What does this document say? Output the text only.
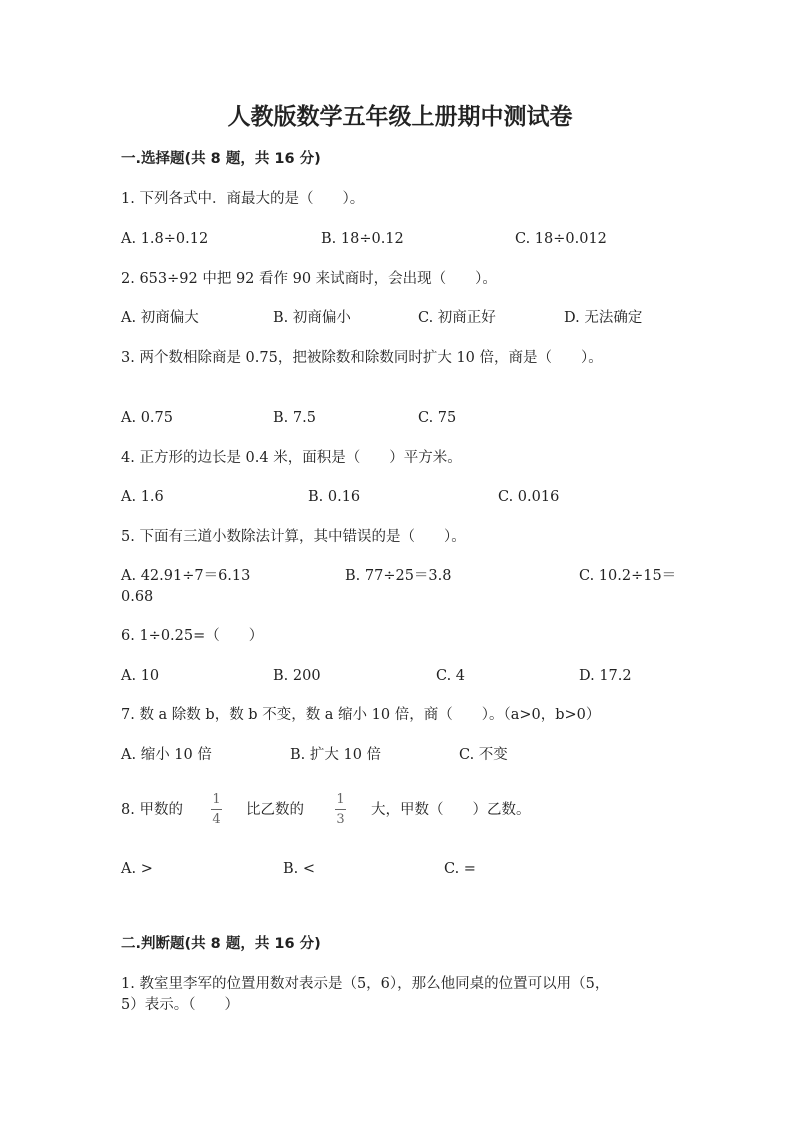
人教版数学五年级上册期中测试卷
一.选择题(共 8 题，共 16 分)
1. 下列各式中．商最大的是（　　）。
A. 1.8÷0.12	B. 18÷0.12	C. 18÷0.012
2. 653÷92 中把 92 看作 90 来试商时，会出现（　　）。
A. 初商偏大	B. 初商偏小	C. 初商正好	D. 无法确定
3. 两个数相除商是 0.75，把被除数和除数同时扩大 10 倍，商是（　　）。
A. 0.75	B. 7.5	C. 75
4. 正方形的边长是 0.4 米，面积是（　　）平方米。
A. 1.6	B. 0.16	C. 0.016
5. 下面有三道小数除法计算，其中错误的是（　　）。
A. 42.91÷7＝6.13	B. 77÷25＝3.8	C. 10.2÷15＝
0.68
6. 1÷0.25=（　　）
A. 10	B. 200	C. 4	D. 17.2
7. 数 a 除数 b，数 b 不变，数 a 缩小 10 倍，商（　　）。（a>0，b>0）
A. 缩小 10 倍	B. 扩大 10 倍	C. 不变
8. 甲数的
1
4
比乙数的
1
3
大，甲数（　　）乙数。
A. >	B. <	C. =
二.判断题(共 8 题，共 16 分)
1. 教室里李军的位置用数对表示是（5，6），那么他同桌的位置可以用（5，
5）表示。（　　）
